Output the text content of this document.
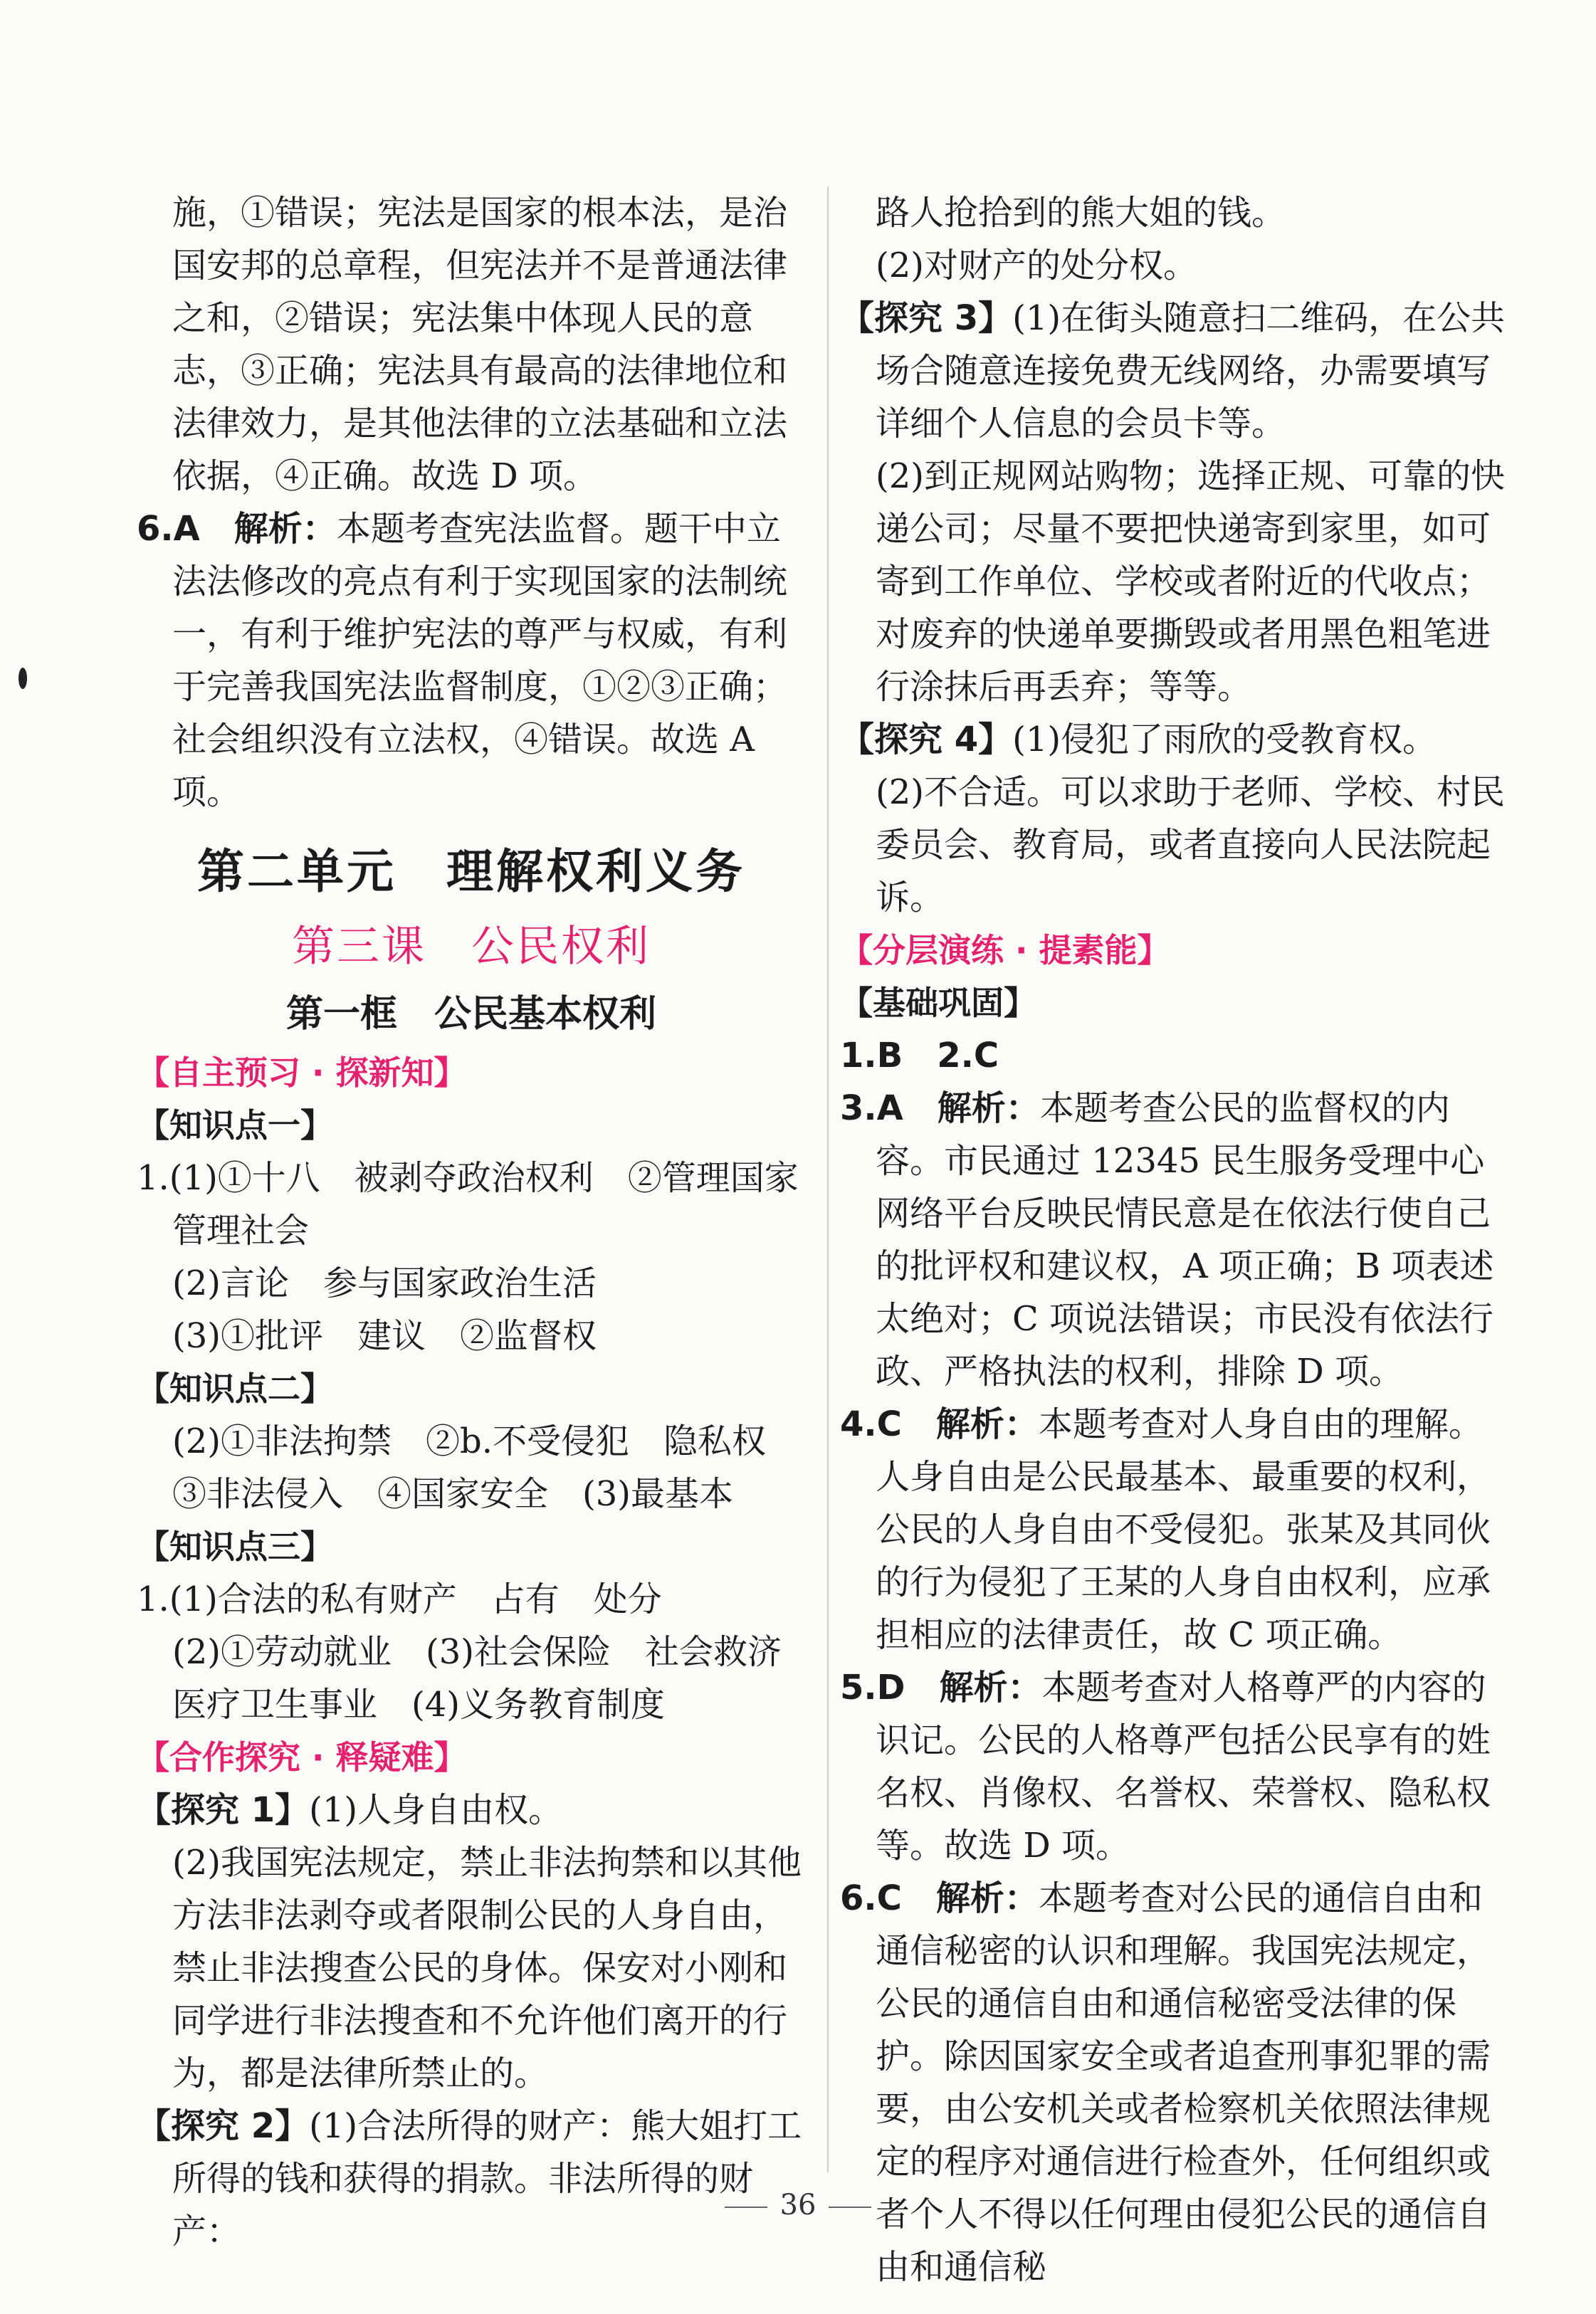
施，①错误；宪法是国家的根本法，是治国安邦的总章程，但宪法并不是普通法律之和，②错误；宪法集中体现人民的意志，③正确；宪法具有最高的法律地位和法律效力，是其他法律的立法基础和立法依据，④正确。故选 D 项。

6.A　 解析：本题考查宪法监督。题干中立法法修改的亮点有利于实现国家的法制统一，有利于维护宪法的尊严与权威，有利于完善我国宪法监督制度，①②③正确；社会组织没有立法权，④错误。故选 A 项。

第二单元　理解权利义务

第三课　公民权利

第一框　公民基本权利

【自主预习 · 探新知】

【知识点一】

1.(1)①十八　被剥夺政治权利　②管理国家管理社会

(2)言论　参与国家政治生活

(3)①批评　建议　②监督权

【知识点二】

(2)①非法拘禁　②b.不受侵犯　隐私权

③非法侵入　④国家安全　(3)最基本

【知识点三】

1.(1)合法的私有财产　占有　处分

(2)①劳动就业　(3)社会保险　社会救济医疗卫生事业　(4)义务教育制度

【合作探究 · 释疑难】

【探究 1】(1)人身自由权。

(2)我国宪法规定，禁止非法拘禁和以其他方法非法剥夺或者限制公民的人身自由，禁止非法搜查公民的身体。保安对小刚和同学进行非法搜查和不允许他们离开的行为，都是法律所禁止的。

【探究 2】(1)合法所得的财产：熊大姐打工所得的钱和获得的捐款。非法所得的财产：

路人抢拾到的熊大姐的钱。

(2)对财产的处分权。

【探究 3】(1)在街头随意扫二维码，在公共场合随意连接免费无线网络，办需要填写详细个人信息的会员卡等。

(2)到正规网站购物；选择正规、可靠的快递公司；尽量不要把快递寄到家里，如可寄到工作单位、学校或者附近的代收点；对废弃的快递单要撕毁或者用黑色粗笔进行涂抹后再丢弃；等等。

【探究 4】(1)侵犯了雨欣的受教育权。

(2)不合适。可以求助于老师、学校、村民委员会、教育局，或者直接向人民法院起诉。

【分层演练 · 提素能】

【基础巩固】

1.B　2.C

3.A　 解析：本题考查公民的监督权的内容。市民通过 12345 民生服务受理中心网络平台反映民情民意是在依法行使自己的批评权和建议权，A 项正确；B 项表述太绝对；C 项说法错误；市民没有依法行政、严格执法的权利，排除 D 项。

4.C　 解析：本题考查对人身自由的理解。人身自由是公民最基本、最重要的权利，公民的人身自由不受侵犯。张某及其同伙的行为侵犯了王某的人身自由权利，应承担相应的法律责任，故 C 项正确。

5.D　 解析：本题考查对人格尊严的内容的识记。公民的人格尊严包括公民享有的姓名权、肖像权、名誉权、荣誉权、隐私权等。故选 D 项。

6.C　 解析：本题考查对公民的通信自由和通信秘密的认识和理解。我国宪法规定，公民的通信自由和通信秘密受法律的保护。除因国家安全或者追查刑事犯罪的需要，由公安机关或者检察机关依照法律规定的程序对通信进行检查外，任何组织或者个人不得以任何理由侵犯公民的通信自由和通信秘

36
